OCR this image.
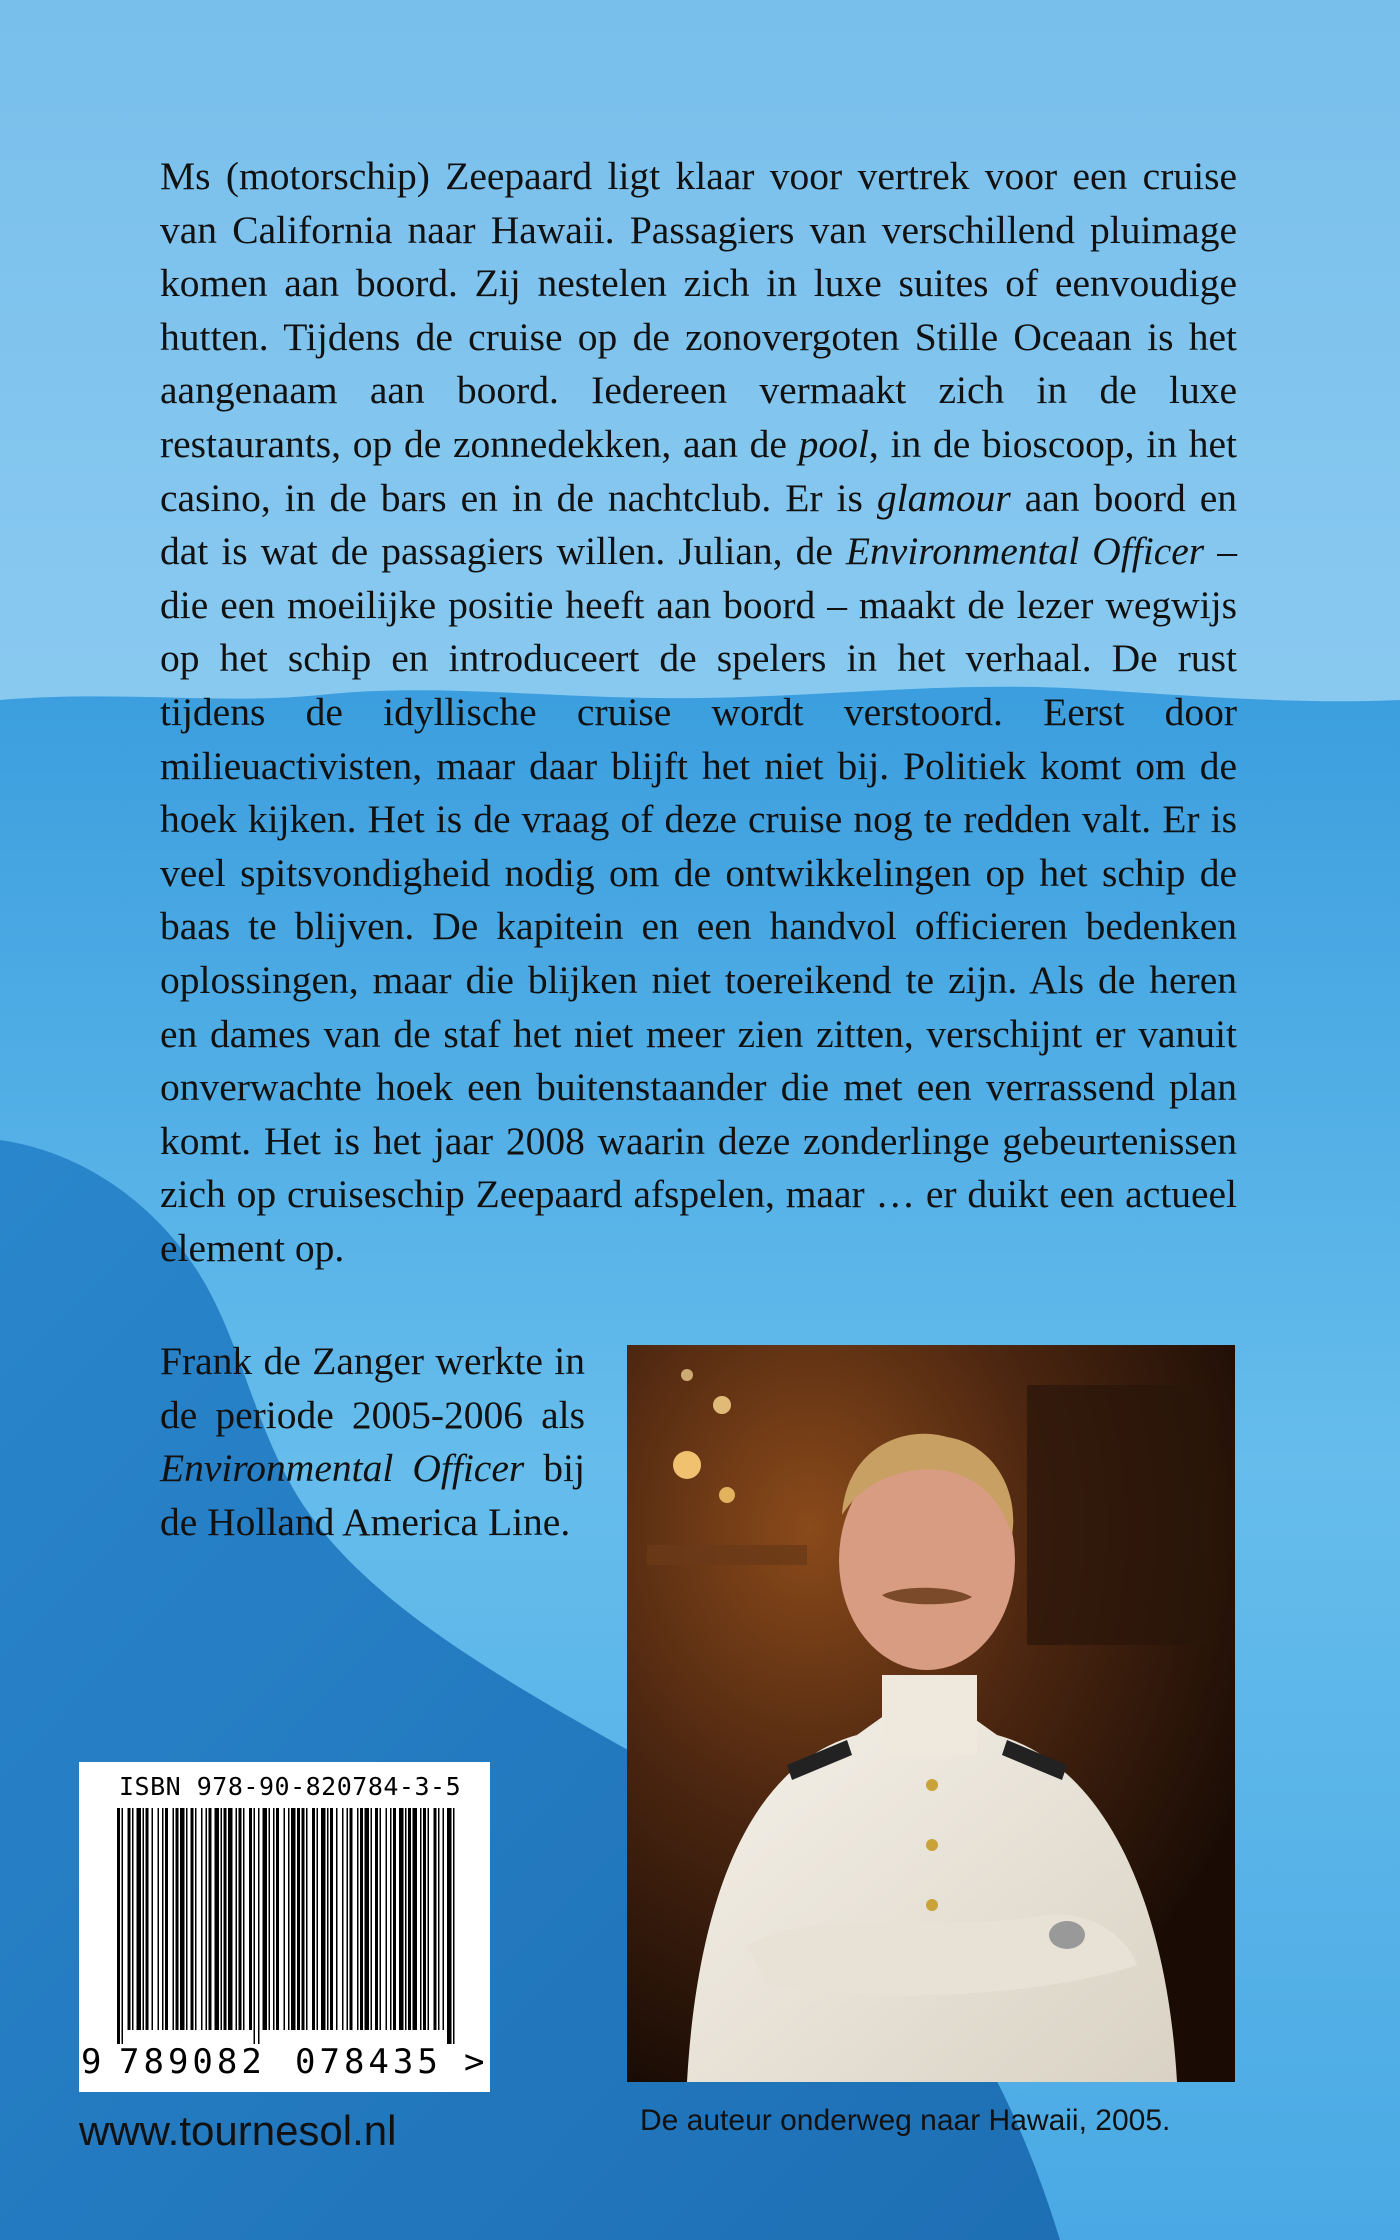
Ms (motorschip) Zeepaard ligt klaar voor vertrek voor een cruise van California naar Hawaii. Passagiers van verschillend pluimage komen aan boord. Zij nestelen zich in luxe suites of eenvoudige hutten. Tijdens de cruise op de zonovergoten Stille Oceaan is het aangenaam aan boord. Iedereen vermaakt zich in de luxe restaurants, op de zonnedekken, aan de pool, in de bioscoop, in het casino, in de bars en in de nachtclub. Er is glamour aan boord en dat is wat de passagiers willen. Julian, de Environmental Officer – die een moeilijke positie heeft aan boord – maakt de lezer wegwijs op het schip en introduceert de spelers in het verhaal. De rust tijdens de idyllische cruise wordt verstoord. Eerst door milieuactivisten, maar daar blijft het niet bij. Politiek komt om de hoek kijken. Het is de vraag of deze cruise nog te redden valt. Er is veel spitsvondigheid nodig om de ontwikkelingen op het schip de baas te blijven. De kapitein en een handvol officieren bedenken oplossingen, maar die blijken niet toereikend te zijn. Als de heren en dames van de staf het niet meer zien zitten, verschijnt er vanuit onverwachte hoek een buitenstaander die met een verrassend plan komt. Het is het jaar 2008 waarin deze zonderlinge gebeurtenissen zich op cruiseschip Zeepaard afspelen, maar … er duikt een actueel element op.

Frank de Zanger werkte in de periode 2005-2006 als Environmental Officer bij de Holland America Line.

De auteur onderweg naar Hawaii, 2005.
ISBN 978-90-820784-3-5
9 789082 078435 >
www.tournesol.nl
